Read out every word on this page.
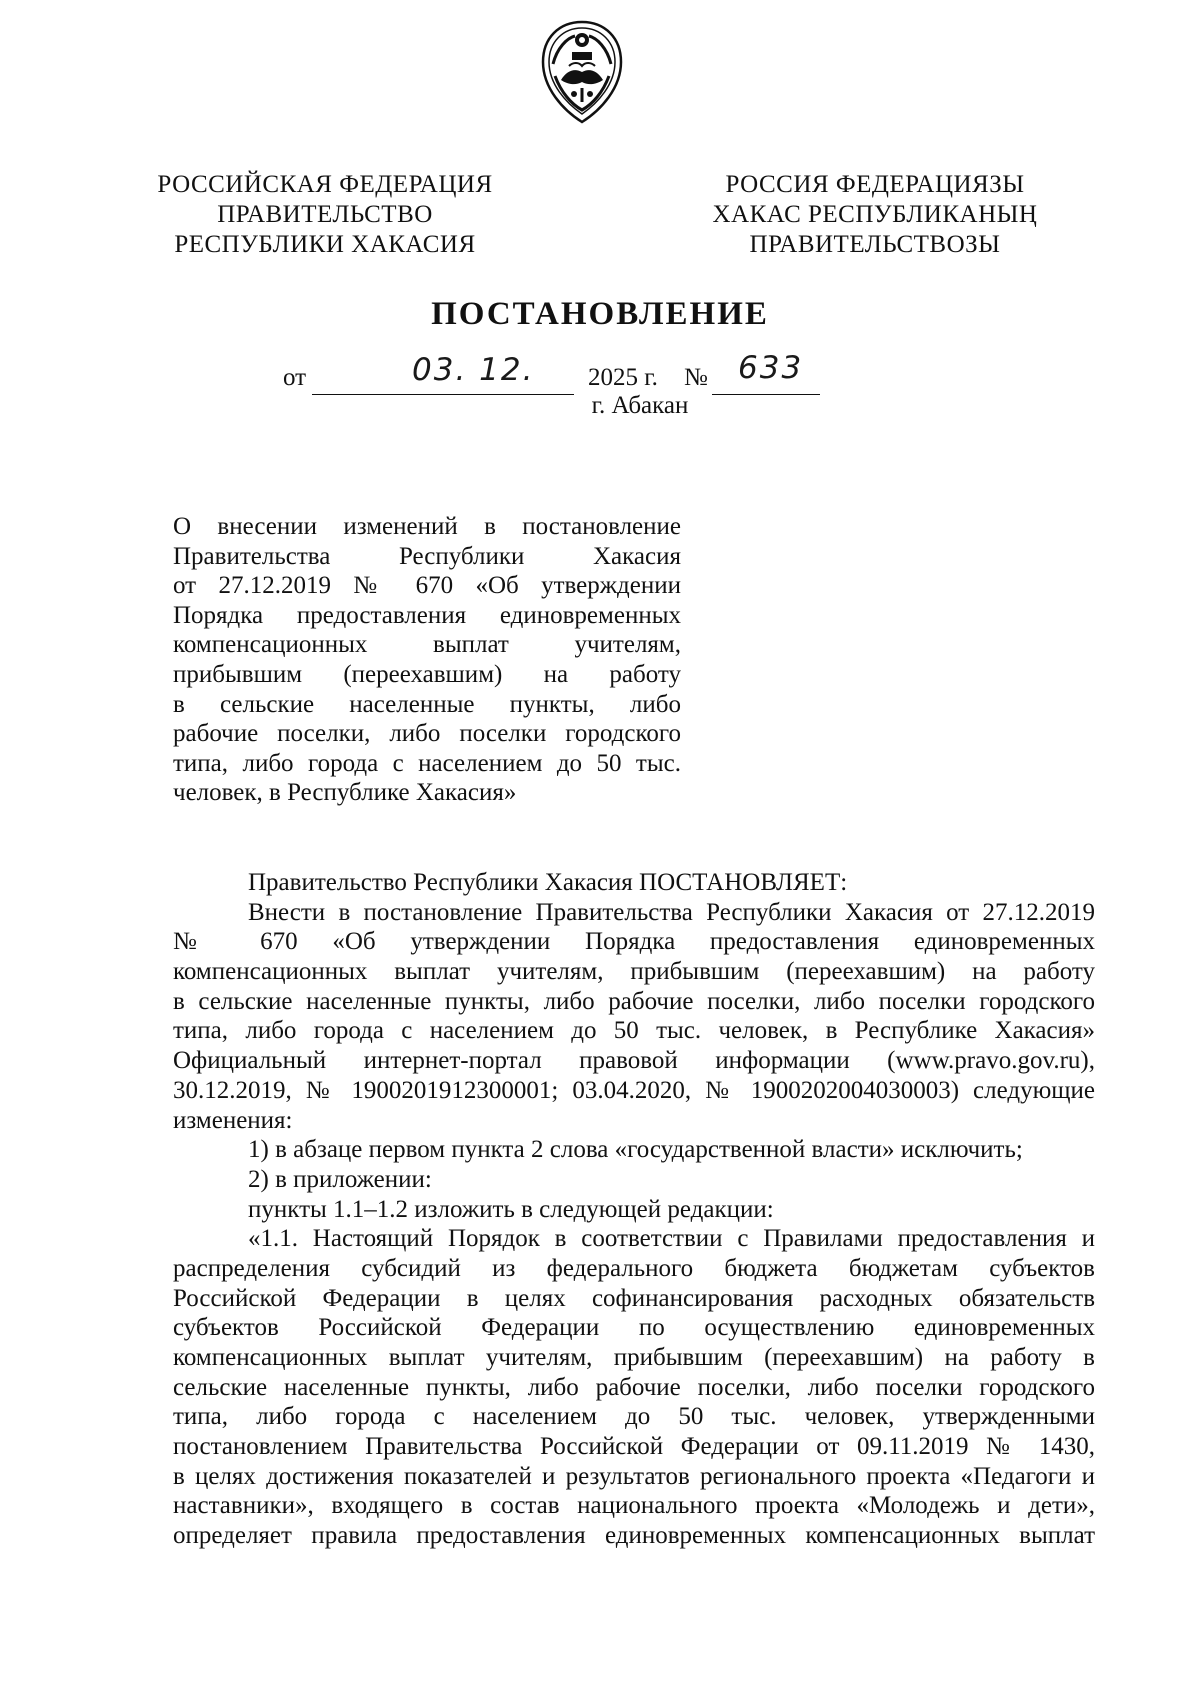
РОССИЙСКАЯ ФЕДЕРАЦИЯ
ПРАВИТЕЛЬСТВО
РЕСПУБЛИКИ ХАКАСИЯ
РОССИЯ ФЕДЕРАЦИЯЗЫ
ХАКАС РЕСПУБЛИКАНЫҢ
ПРАВИТЕЛЬСТВОЗЫ
ПОСТАНОВЛЕНИЕ
от	03. 12. 2025 г. № 633
г. Абакан
О внесении изменений в постановление
Правительства Республики Хакасия
от 27.12.2019 № 670 «Об утверждении
Порядка предоставления единовременных
компенсационных выплат учителям,
прибывшим (переехавшим) на работу
в сельские населенные пункты, либо
рабочие поселки, либо поселки городского
типа, либо города с населением до 50 тыс.
человек, в Республике Хакасия»
Правительство Республики Хакасия ПОСТАНОВЛЯЕТ:
Внести в постановление Правительства Республики Хакасия от 27.12.2019
№ 670 «Об утверждении Порядка предоставления единовременных
компенсационных выплат учителям, прибывшим (переехавшим) на работу
в сельские населенные пункты, либо рабочие поселки, либо поселки городского
типа, либо города с населением до 50 тыс. человек, в Республике Хакасия»
Официальный интернет-портал правовой информации (www.pravo.gov.ru),
30.12.2019, № 1900201912300001; 03.04.2020, № 1900202004030003) следующие
изменения:
1) в абзаце первом пункта 2 слова «государственной власти» исключить;
2) в приложении:
пункты 1.1–1.2 изложить в следующей редакции:
«1.1. Настоящий Порядок в соответствии с Правилами предоставления и
распределения субсидий из федерального бюджета бюджетам субъектов
Российской Федерации в целях софинансирования расходных обязательств
субъектов Российской Федерации по осуществлению единовременных
компенсационных выплат учителям, прибывшим (переехавшим) на работу в
сельские населенные пункты, либо рабочие поселки, либо поселки городского
типа, либо города с населением до 50 тыс. человек, утвержденными
постановлением Правительства Российской Федерации от 09.11.2019 № 1430,
в целях достижения показателей и результатов регионального проекта «Педагоги и
наставники», входящего в состав национального проекта «Молодежь и дети»,
определяет правила предоставления единовременных компенсационных выплат
